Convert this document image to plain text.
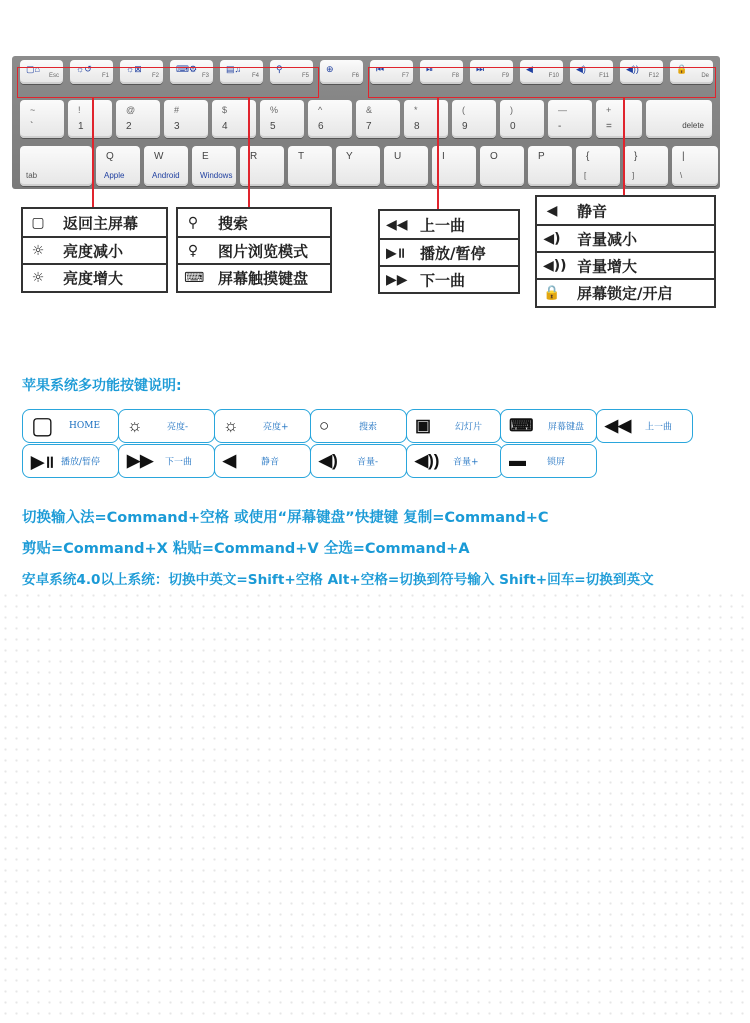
▢⌂
Esc
☼↺
F1
☼⊠
F2
⌨⚙
F3
▤♫
F4
⚲
F5
⊕
F6
⏮
F7
⏯
F8
⏭
F9
◀
F10
◀)
F11
◀))
F12
🔒
De
~
`
!
1
@
2
#
3
$
4
%
5
^
6
&
7
*
8
(
9
)
0
—
-
+
=	delete
tab
Q
Apple
W
Android
E
Windows
R	T	Y	U	I	O	P	{
[
}
]
|
\
▢ 返回主屏幕
☼ 亮度减小
☼ 亮度增大
⚲ 搜索
♀ 图片浏览模式
⌨ 屏幕触摸键盘
◀◀ 上一曲
▶॥ 播放/暂停
▶▶ 下一曲
◀ 静音
◀) 音量减小
◀)) 音量增大
🔒 屏幕锁定/开启
苹果系统多功能按键说明:
▢ HOME ☼	亮度- ☼	亮度+ ○	搜索 ▣	幻灯片 ⌨ 屏幕键盘 ◀◀ 上一曲
▶॥ 播放/暂停 ▶▶ 下一曲 ◀	静音 ◀) 音量- ◀)) 音量+ ▬ 锁屏
切换输入法=Command+空格 或使用“屏幕键盘”快捷键 复制=Command+C
剪贴=Command+X 粘贴=Command+V 全选=Command+A
安卓系统4.0以上系统：切换中英文=Shift+空格 Alt+空格=切换到符号输入 Shift+回车=切换到英文
